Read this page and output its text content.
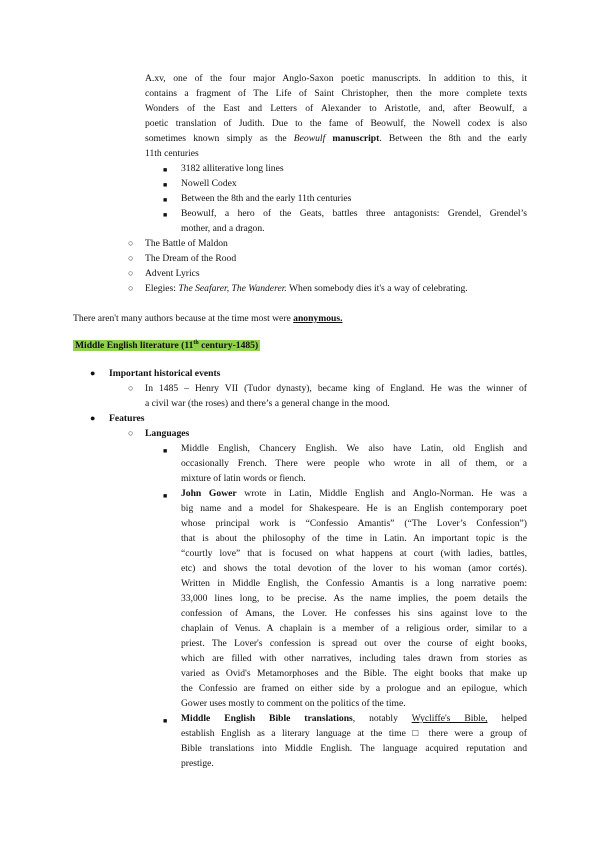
A.xv, one of the four major Anglo-Saxon poetic manuscripts. In addition to this, it
contains a fragment of The Life of Saint Christopher, then the more complete texts
Wonders of the East and Letters of Alexander to Aristotle, and, after Beowulf, a
poetic translation of Judith. Due to the fame of Beowulf, the Nowell codex is also
sometimes known simply as the Beowulf manuscript. Between the 8th and the early
11th centuries
■ 3182 alliterative long lines
■ Nowell Codex
■ Between the 8th and the early 11th centuries
■ Beowulf, a hero of the Geats, battles three antagonists: Grendel, Grendel’s
mother, and a dragon.
○ The Battle of Maldon
○ The Dream of the Rood
○ Advent Lyrics
○ Elegies: The Seafarer, The Wanderer. When somebody dies it's a way of celebrating.
There aren't many authors because at the time most were anonymous.
Middle English literature (11th century-1485)
● Important historical events
○ In 1485 – Henry VII (Tudor dynasty), became king of England. He was the winner of
a civil war (the roses) and there’s a general change in the mood.
● Features
○ Languages
■ Middle English, Chancery English. We also have Latin, old English and
occasionally French. There were people who wrote in all of them, or a
mixture of latin words or fiench.
■ John Gower wrote in Latin, Middle English and Anglo-Norman. He was a
big name and a model for Shakespeare. He is an English contemporary poet
whose principal work is “Confessio Amantis” (“The Lover’s Confession”)
that is about the philosophy of the time in Latin. An important topic is the
“courtly love” that is focused on what happens at court (with ladies, battles,
etc) and shows the total devotion of the lover to his woman (amor cortés).
Written in Middle English, the Confessio Amantis is a long narrative poem:
33,000 lines long, to be precise. As the name implies, the poem details the
confession of Amans, the Lover. He confesses his sins against love to the
chaplain of Venus. A chaplain is a member of a religious order, similar to a
priest. The Lover's confession is spread out over the course of eight books,
which are filled with other narratives, including tales drawn from stories as
varied as Ovid's Metamorphoses and the Bible. The eight books that make up
the Confessio are framed on either side by a prologue and an epilogue, which
Gower uses mostly to comment on the politics of the time.
■ Middle English Bible translations, notably Wycliffe's Bible, helped
establish English as a literary language at the time □ there were a group of
Bible translations into Middle English. The language acquired reputation and
prestige.
